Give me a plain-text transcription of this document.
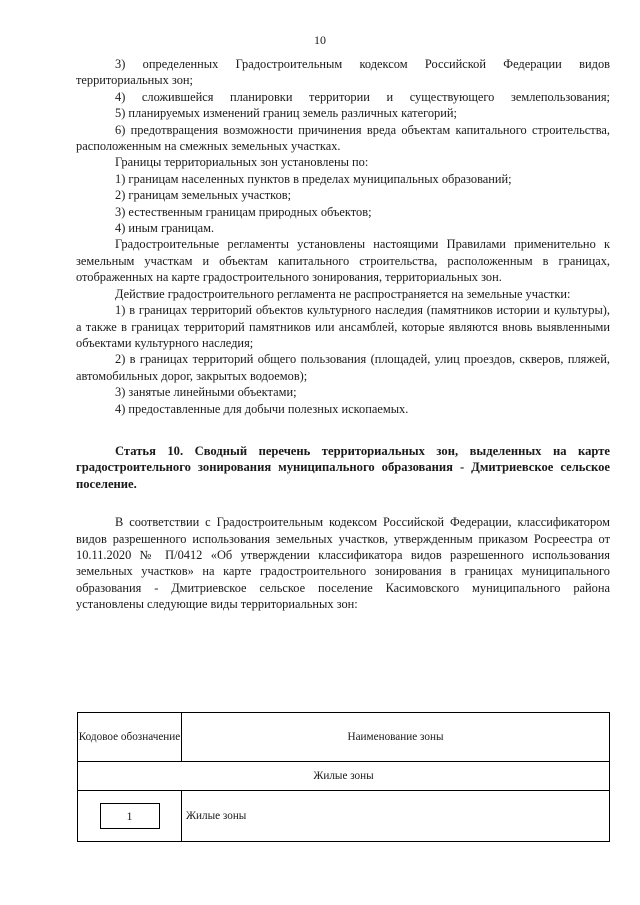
10

3) определенных Градостроительным кодексом Российской Федерации видов территориальных зон;

4) сложившейся планировки территории и существующего землепользования;

5) планируемых изменений границ земель различных категорий;

6) предотвращения возможности причинения вреда объектам капитального строительства, расположенным на смежных земельных участках.

Границы территориальных зон установлены по:

1) границам населенных пунктов в пределах муниципальных образований;

2) границам земельных участков;

3) естественным границам природных объектов;

4) иным границам.

Градостроительные регламенты установлены настоящими Правилами применительно к земельным участкам и объектам капитального строительства, расположенным в границах, отображенных на карте градостроительного зонирования, территориальных зон.

Действие градостроительного регламента не распространяется на земельные участки:

1) в границах территорий объектов культурного наследия (памятников истории и культуры), а также в границах территорий памятников или ансамблей, которые являются вновь выявленными объектами культурного наследия;

2) в границах территорий общего пользования (площадей, улиц проездов, скверов, пляжей, автомобильных дорог, закрытых водоемов);

3) занятые линейными объектами;

4) предоставленные для добычи полезных ископаемых.

Статья 10. Сводный перечень территориальных зон, выделенных на карте градостроительного зонирования муниципального образования - Дмитриевское сельское поселение.

В соответствии с Градостроительным кодексом Российской Федерации, классификатором видов разрешенного использования земельных участков, утвержденным приказом Росреестра от 10.11.2020 № П/0412 «Об утверждении классификатора видов разрешенного использования земельных участков» на карте градостроительного зонирования в границах муниципального образования - Дмитриевское сельское поселение Касимовского муниципального района установлены следующие виды территориальных зон:

Кодовое обозначение	Наименование зоны
Жилые зоны	
1	Жилые зоны
